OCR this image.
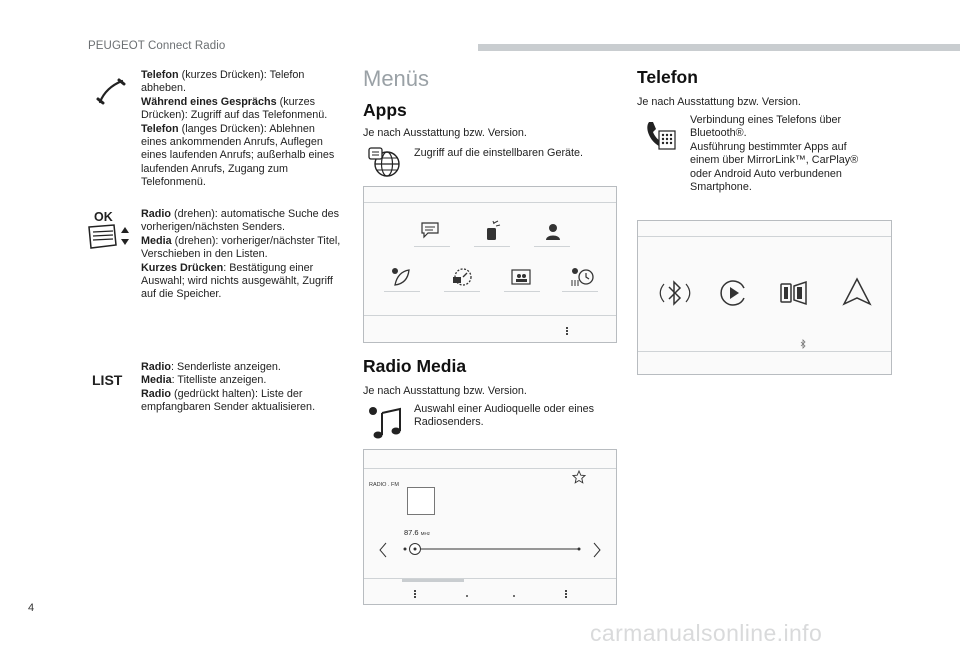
PEUGEOT Connect Radio
Telefon (kurzes Drücken): Telefon abheben.
Während eines Gesprächs (kurzes Drücken): Zugriff auf das Telefonmenü.
Telefon (langes Drücken): Ablehnen eines ankommenden Anrufs, Auflegen eines laufenden Anrufs; außerhalb eines laufenden Anrufs, Zugang zum Telefonmenü.
OK	Radio (drehen): automatische Suche des vorherigen/nächsten Senders.
Media (drehen): vorheriger/nächster Titel, Verschieben in den Listen.
Kurzes Drücken: Bestätigung einer Auswahl; wird nichts ausgewählt, Zugriff auf die Speicher.
LIST
Radio: Senderliste anzeigen.
Media: Titelliste anzeigen.
Radio (gedrückt halten): Liste der empfangbaren Sender aktualisieren.
Menüs
Apps
Je nach Ausstattung bzw. Version.
Zugriff auf die einstellbaren Geräte.
Radio Media
Je nach Ausstattung bzw. Version.
Auswahl einer Audioquelle oder eines Radiosenders.
RADIO . FM
87.6 MHz
Telefon
Je nach Ausstattung bzw. Version.
Verbindung eines Telefons über
Bluetooth®.
Ausführung bestimmter Apps auf
einem über MirrorLink™, CarPlay®
oder Android Auto verbundenen
Smartphone.
4
carmanualsonline.info
